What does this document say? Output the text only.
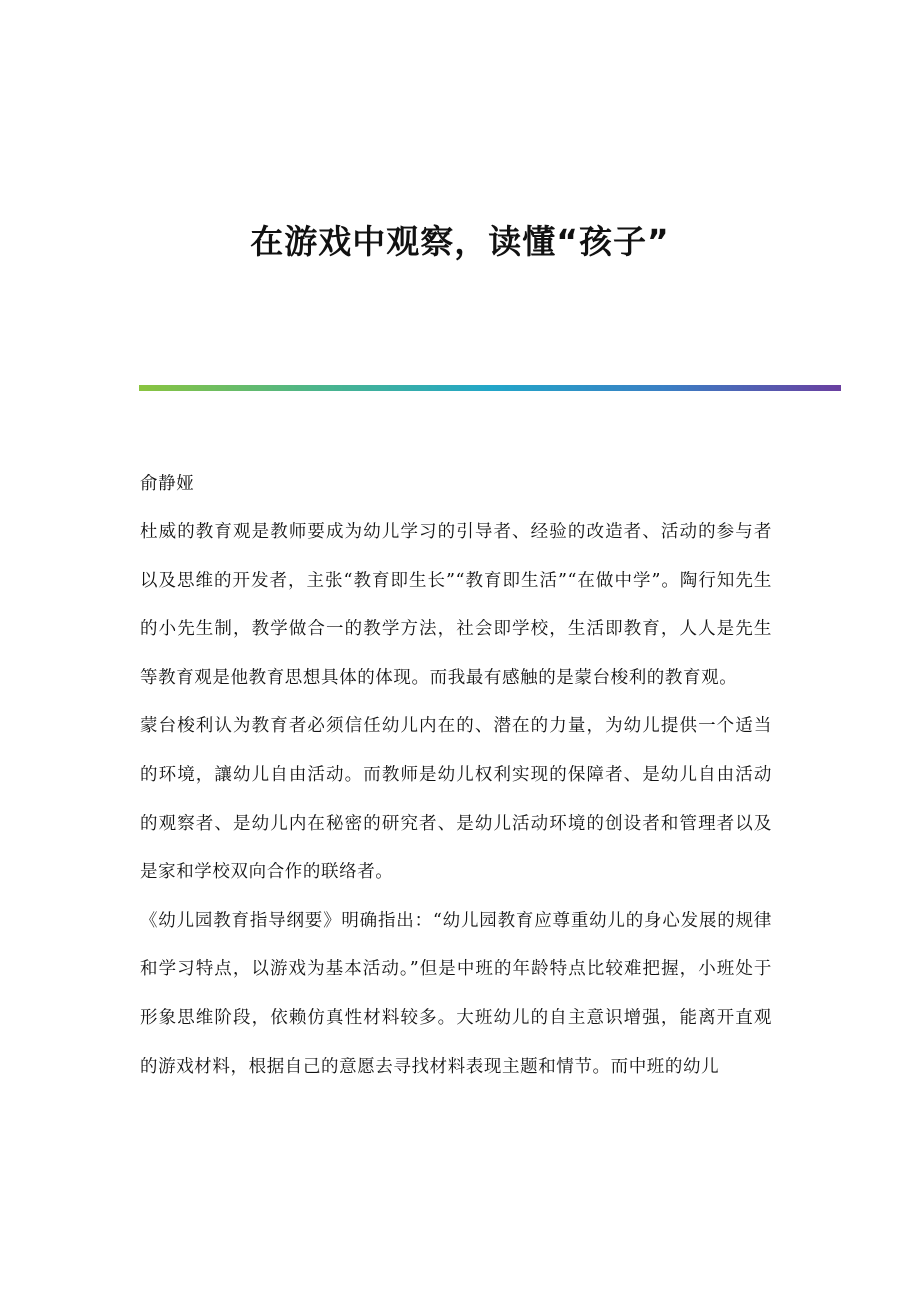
在游戏中观察，读懂“孩子”

俞静娅

杜威的教育观是教师要成为幼儿学习的引导者、经验的改造者、活动的参与者以及思维的开发者，主张“教育即生长”“教育即生活”“在做中学”。陶行知先生的小先生制，教学做合一的教学方法，社会即学校，生活即教育，人人是先生等教育观是他教育思想具体的体现。而我最有感触的是蒙台梭利的教育观。

蒙台梭利认为教育者必须信任幼儿内在的、潜在的力量，为幼儿提供一个适当的环境，讓幼儿自由活动。而教师是幼儿权利实现的保障者、是幼儿自由活动的观察者、是幼儿内在秘密的研究者、是幼儿活动环境的创设者和管理者以及是家和学校双向合作的联络者。

《幼儿园教育指导纲要》明确指出：“幼儿园教育应尊重幼儿的身心发展的规律和学习特点，以游戏为基本活动。”但是中班的年龄特点比较难把握，小班处于形象思维阶段，依赖仿真性材料较多。大班幼儿的自主意识增强，能离开直观的游戏材料，根据自己的意愿去寻找材料表现主题和情节。而中班的幼儿
